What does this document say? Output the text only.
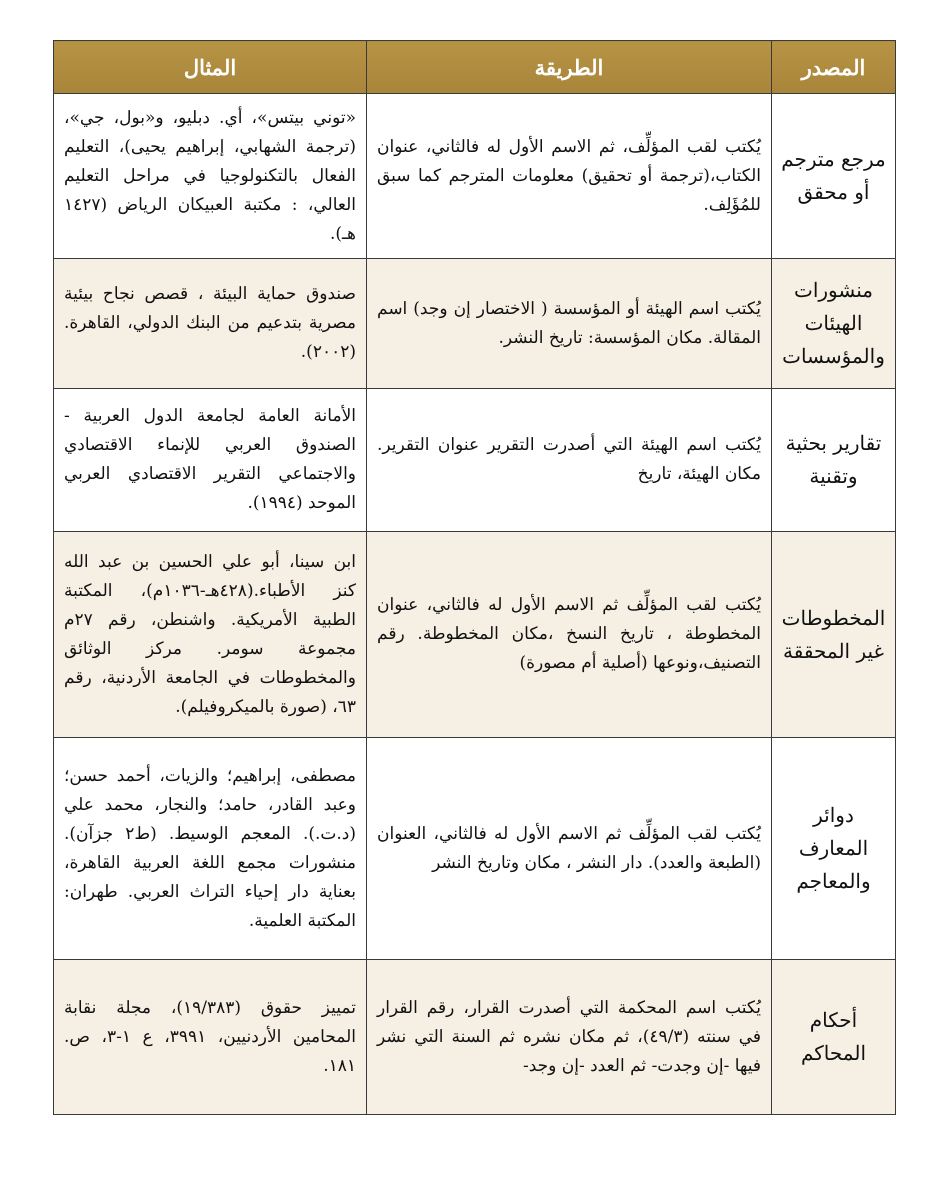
المصدر	الطريقة	المثال
مرجع مترجم أو محقق	يُكتب لقب المؤلِّف، ثم الاسم الأول له فالثاني، عنوان الكتاب،(ترجمة أو تحقيق) معلومات المترجم كما سبق للمُؤَلِف.	«توني بيتس»، أي. دبليو، و«بول، جي»، (ترجمة الشهابي، إبراهيم يحيى)، التعليم الفعال بالتكنولوجيا في مراحل التعليم العالي، : مكتبة العبيكان الرياض (١٤٢٧ هـ).
منشورات الهيئات والمؤسسات	يُكتب اسم الهيئة أو المؤسسة ( الاختصار إن وجد) اسم المقالة. مكان المؤسسة: تاريخ النشر.	صندوق حماية البيئة ، قصص نجاح بيئية مصرية بتدعيم من البنك الدولي، القاهرة. (٢٠٠٢).
تقارير بحثية وتقنية	يُكتب اسم الهيئة التي أصدرت التقرير عنوان التقرير. مكان الهيئة، تاريخ	الأمانة العامة لجامعة الدول العربية - الصندوق العربي للإنماء الاقتصادي والاجتماعي التقرير الاقتصادي العربي الموحد (١٩٩٤).
المخطوطات غير المحققة	يُكتب لقب المؤلِّف ثم الاسم الأول له فالثاني، عنوان المخطوطة ، تاريخ النسخ ،مكان المخطوطة. رقم التصنيف،ونوعها (أصلية أم مصورة)	ابن سينا، أبو علي الحسين بن عبد الله كنز الأطباء.(٤٢٨هـ-١٠٣٦م)، المكتبة الطبية الأمريكية. واشنطن، رقم ٢٧م مجموعة سومر. مركز الوثائق والمخطوطات في الجامعة الأردنية، رقم ٦٣، (صورة بالميكروفيلم).
دوائر المعارف والمعاجم	يُكتب لقب المؤلِّف ثم الاسم الأول له فالثاني، العنوان (الطبعة والعدد). دار النشر ، مكان وتاريخ النشر	مصطفى، إبراهيم؛ والزيات، أحمد حسن؛ وعبد القادر، حامد؛ والنجار، محمد علي (د.ت.). المعجم الوسيط. (ط٢ جزآن). منشورات مجمع اللغة العربية القاهرة، بعناية دار إحياء التراث العربي. طهران: المكتبة العلمية.
أحكام المحاكم	يُكتب اسم المحكمة التي أصدرت القرار، رقم القرار في سنته (٤٩/٣)، ثم مكان نشره ثم السنة التي نشر فيها -إن وجدت- ثم العدد -إن وجد-	تمييز حقوق (١٩/٣٨٣)، مجلة نقابة المحامين الأردنيين، ٣٩٩١، ع ١-٣، ص. ١٨١.
